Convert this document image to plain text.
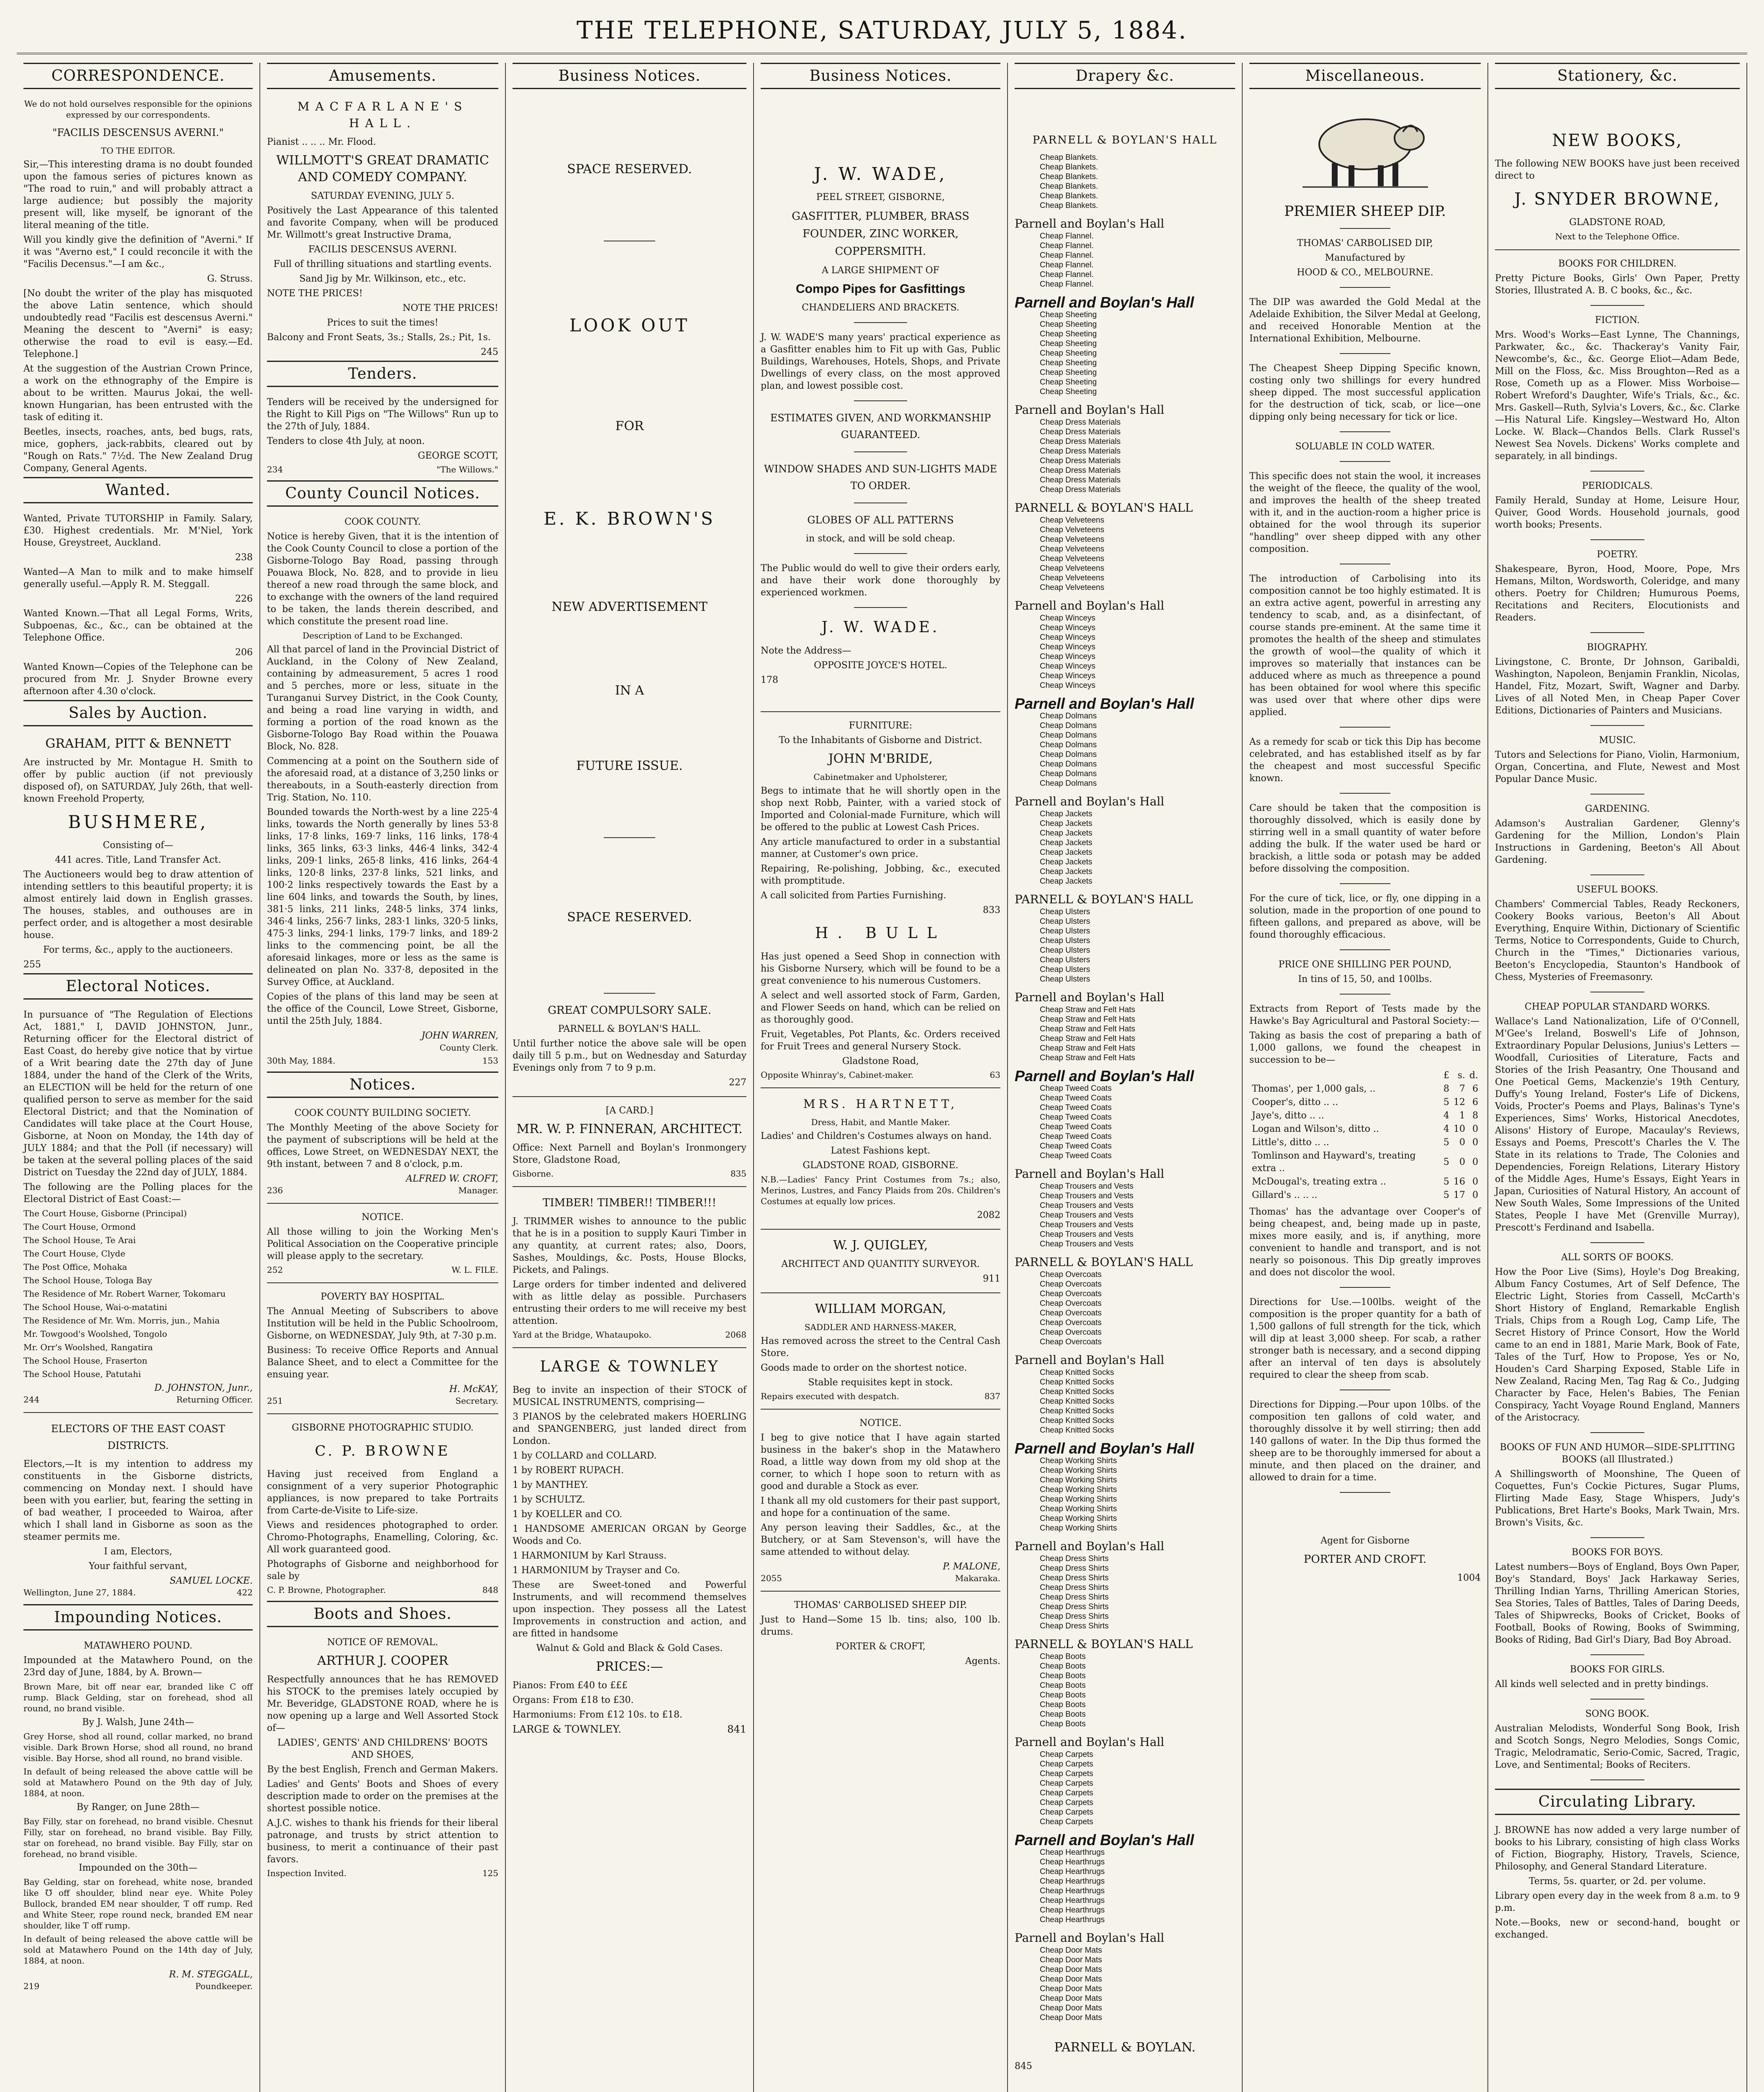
THE TELEPHONE, SATURDAY, JULY 5, 1884.
CORRESPONDENCE.
We do not hold ourselves responsible for the opinions expressed by our correspondents.
"FACILIS DESCENSUS AVERNI."
TO THE EDITOR.
Sir,—This interesting drama is no doubt founded upon the famous series of pictures known as "The road to ruin," and will probably attract a large audience; but possibly the majority present will, like myself, be ignorant of the literal meaning of the title.
Will you kindly give the definition of "Averni." If it was "Averno est," I could reconcile it with the "Facilis Decensus."—I am &c.,
G. Struss.
[No doubt the writer of the play has misquoted the above Latin sentence, which should undoubtedly read "Facilis est descensus Averni." Meaning the descent to "Averni" is easy; otherwise the road to evil is easy.—Ed. Telephone.]
At the suggestion of the Austrian Crown Prince, a work on the ethnography of the Empire is about to be written. Maurus Jokai, the well-known Hungarian, has been entrusted with the task of editing it.
Beetles, insects, roaches, ants, bed bugs, rats, mice, gophers, jack-rabbits, cleared out by "Rough on Rats." 7½d. The New Zealand Drug Company, General Agents.
Wanted.
Wanted, Private TUTORSHIP in Family. Salary, £30. Highest credentials. Mr. M'Niel, York House, Greystreet, Auckland.
238
Wanted—A Man to milk and to make himself generally useful.—Apply R. M. Steggall.
226
Wanted Known.—That all Legal Forms, Writs, Subpoenas, &c., &c., can be obtained at the Telephone Office.
206
Wanted Known—Copies of the Telephone can be procured from Mr. J. Snyder Browne every afternoon after 4.30 o'clock.
Sales by Auction.
GRAHAM, PITT & BENNETT
Are instructed by Mr. Montague H. Smith to offer by public auction (if not previously disposed of), on SATURDAY, July 26th, that well-known Freehold Property,
BUSHMERE,
Consisting of—
441 acres. Title, Land Transfer Act.
The Auctioneers would beg to draw attention of intending settlers to this beautiful property; it is almost entirely laid down in English grasses. The houses, stables, and outhouses are in perfect order, and is altogether a most desirable house.
For terms, &c., apply to the auctioneers.
255
Electoral Notices.
In pursuance of "The Regulation of Elections Act, 1881," I, DAVID JOHNSTON, Junr., Returning officer for the Electoral district of East Coast, do hereby give notice that by virtue of a Writ bearing date the 27th day of June 1884, under the hand of the Clerk of the Writs, an ELECTION will be held for the return of one qualified person to serve as member for the said Electoral District; and that the Nomination of Candidates will take place at the Court House, Gisborne, at Noon on Monday, the 14th day of JULY 1884; and that the Poll (if necessary) will be taken at the several polling places of the said District on Tuesday the 22nd day of JULY, 1884.
The following are the Polling places for the Electoral District of East Coast:—
The Court House, Gisborne (Principal)
The Court House, Ormond
The School House, Te Arai
The Court House, Clyde
The Post Office, Mohaka
The School House, Tologa Bay
The Residence of Mr. Robert Warner, Tokomaru
The School House, Wai-o-matatini
The Residence of Mr. Wm. Morris, jun., Mahia
Mr. Towgood's Woolshed, Tongolo
Mr. Orr's Woolshed, Rangatira
The School House, Fraserton
The School House, Patutahi
D. JOHNSTON, Junr.,
244	Returning Officer.
ELECTORS OF THE EAST COAST DISTRICTS.
Electors,—It is my intention to address my constituents in the Gisborne districts, commencing on Monday next. I should have been with you earlier, but, fearing the setting in of bad weather, I proceeded to Wairoa, after which I shall land in Gisborne as soon as the steamer permits me.
I am, Electors,
Your faithful servant,
SAMUEL LOCKE.
Wellington, June 27, 1884.	422
Impounding Notices.
MATAWHERO POUND.
Impounded at the Matawhero Pound, on the 23rd day of June, 1884, by A. Brown—
Brown Mare, bit off near ear, branded like C off rump. Black Gelding, star on forehead, shod all round, no brand visible.
By J. Walsh, June 24th—
Grey Horse, shod all round, collar marked, no brand visible. Dark Brown Horse, shod all round, no brand visible. Bay Horse, shod all round, no brand visible.
In default of being released the above cattle will be sold at Matawhero Pound on the 9th day of July, 1884, at noon.
By Ranger, on June 28th—
Bay Filly, star on forehead, no brand visible. Chesnut Filly, star on forehead, no brand visible. Bay Filly, star on forehead, no brand visible. Bay Filly, star on forehead, no brand visible.
Impounded on the 30th—
Bay Gelding, star on forehead, white nose, branded like ℧ off shoulder, blind near eye. White Poley Bullock, branded EM near shoulder, T off rump. Red and White Steer, rope round neck, branded EM near shoulder, like T off rump.
In default of being released the above cattle will be sold at Matawhero Pound on the 14th day of July, 1884, at noon.
R. M. STEGGALL,
219	Poundkeeper.
Amusements.
MACFARLANE'S HALL.
Pianist .. .. .. Mr. Flood.
WILLMOTT'S GREAT DRAMATIC AND COMEDY COMPANY.
SATURDAY EVENING, JULY 5.
Positively the Last Appearance of this talented and favorite Company, when will be produced Mr. Willmott's great Instructive Drama,
FACILIS DESCENSUS AVERNI.
Full of thrilling situations and startling events.
Sand Jig by Mr. Wilkinson, etc., etc.
NOTE THE PRICES!
NOTE THE PRICES!
Prices to suit the times!
Balcony and Front Seats, 3s.; Stalls, 2s.; Pit, 1s.
245
Tenders.
Tenders will be received by the undersigned for the Right to Kill Pigs on "The Willows" Run up to the 27th of July, 1884.
Tenders to close 4th July, at noon.
GEORGE SCOTT,
234	"The Willows."
County Council Notices.
COOK COUNTY.
Notice is hereby Given, that it is the intention of the Cook County Council to close a portion of the Gisborne-Tologo Bay Road, passing through Pouawa Block, No. 828, and to provide in lieu thereof a new road through the same block, and to exchange with the owners of the land required to be taken, the lands therein described, and which constitute the present road line.
Description of Land to be Exchanged.
All that parcel of land in the Provincial District of Auckland, in the Colony of New Zealand, containing by admeasurement, 5 acres 1 rood and 5 perches, more or less, situate in the Turanganui Survey District, in the Cook County, and being a road line varying in width, and forming a portion of the road known as the Gisborne-Tologo Bay Road within the Pouawa Block, No. 828.
Commencing at a point on the Southern side of the aforesaid road, at a distance of 3,250 links or thereabouts, in a South-easterly direction from Trig. Station, No. 110.
Bounded towards the North-west by a line 225·4 links, towards the North generally by lines 53·8 links, 17·8 links, 169·7 links, 116 links, 178·4 links, 365 links, 63·3 links, 446·4 links, 342·4 links, 209·1 links, 265·8 links, 416 links, 264·4 links, 120·8 links, 237·8 links, 521 links, and 100·2 links respectively towards the East by a line 604 links, and towards the South, by lines, 381·5 links, 211 links, 248·5 links, 374 links, 346·4 links, 256·7 links, 283·1 links, 320·5 links, 475·3 links, 294·1 links, 179·7 links, and 189·2 links to the commencing point, be all the aforesaid linkages, more or less as the same is delineated on plan No. 337·8, deposited in the Survey Office, at Auckland.
Copies of the plans of this land may be seen at the office of the Council, Lowe Street, Gisborne, until the 25th July, 1884.
JOHN WARREN,
County Clerk.
30th May, 1884.	153
Notices.
COOK COUNTY BUILDING SOCIETY.
The Monthly Meeting of the above Society for the payment of subscriptions will be held at the offices, Lowe Street, on WEDNESDAY NEXT, the 9th instant, between 7 and 8 o'clock, p.m.
ALFRED W. CROFT,
236	Manager.
NOTICE.
All those willing to join the Working Men's Political Association on the Cooperative principle will please apply to the secretary.
252	W. L. FILE.
POVERTY BAY HOSPITAL.
The Annual Meeting of Subscribers to above Institution will be held in the Public Schoolroom, Gisborne, on WEDNESDAY, July 9th, at 7-30 p.m.
Business: To receive Office Reports and Annual Balance Sheet, and to elect a Committee for the ensuing year.
H. McKAY,
251	Secretary.
GISBORNE PHOTOGRAPHIC STUDIO.
C. P. BROWNE
Having just received from England a consignment of a very superior Photographic appliances, is now prepared to take Portraits from Carte-de-Visite to Life-size.
Views and residences photographed to order. Chromo-Photographs, Enamelling, Coloring, &c. All work guaranteed good.
Photographs of Gisborne and neighborhood for sale by
C. P. Browne, Photographer.	848
Boots and Shoes.
NOTICE OF REMOVAL.
ARTHUR J. COOPER
Respectfully announces that he has REMOVED his STOCK to the premises lately occupied by Mr. Beveridge, GLADSTONE ROAD, where he is now opening up a large and Well Assorted Stock of—
LADIES', GENTS' AND CHILDRENS' BOOTS AND SHOES,
By the best English, French and German Makers.
Ladies' and Gents' Boots and Shoes of every description made to order on the premises at the shortest possible notice.
A.J.C. wishes to thank his friends for their liberal patronage, and trusts by strict attention to business, to merit a continuance of their past favors.
Inspection Invited.	125
Business Notices.
SPACE RESERVED.
LOOK OUT
FOR
E. K. BROWN'S
NEW ADVERTISEMENT
IN A
FUTURE ISSUE.
SPACE RESERVED.
GREAT COMPULSORY SALE.
PARNELL & BOYLAN'S HALL.
Until further notice the above sale will be open daily till 5 p.m., but on Wednesday and Saturday Evenings only from 7 to 9 p.m.
227
[A CARD.]
MR. W. P. FINNERAN, ARCHITECT.
Office: Next Parnell and Boylan's Ironmongery Store, Gladstone Road,
Gisborne.	835
TIMBER! TIMBER!! TIMBER!!!
J. TRIMMER wishes to announce to the public that he is in a position to supply Kauri Timber in any quantity, at current rates; also, Doors, Sashes, Mouldings, &c. Posts, House Blocks, Pickets, and Palings.
Large orders for timber indented and delivered with as little delay as possible. Purchasers entrusting their orders to me will receive my best attention.
Yard at the Bridge, Whataupoko.	2068
LARGE & TOWNLEY
Beg to invite an inspection of their STOCK of MUSICAL INSTRUMENTS, comprising—
3 PIANOS by the celebrated makers HOERLING and SPANGENBERG, just landed direct from London.
1 by COLLARD and COLLARD.
1 by ROBERT RUPACH.
1 by MANTHEY.
1 by SCHULTZ.
1 by KOELLER and CO.
1 HANDSOME AMERICAN ORGAN by George Woods and Co.
1 HARMONIUM by Karl Strauss.
1 HARMONIUM by Trayser and Co.
These are Sweet-toned and Powerful Instruments, and will recommend themselves upon inspection. They possess all the Latest Improvements in construction and action, and are fitted in handsome
Walnut & Gold and Black & Gold Cases.
PRICES:—
Pianos: From £40 to £££
Organs: From £18 to £30.
Harmoniums: From £12 10s. to £18.
LARGE & TOWNLEY.	841
Business Notices.
J. W. WADE,
PEEL STREET, GISBORNE,
GASFITTER, PLUMBER, BRASS FOUNDER, ZINC WORKER, COPPERSMITH.
A LARGE SHIPMENT OF
Compo Pipes for Gasfittings
CHANDELIERS AND BRACKETS.
J. W. WADE'S many years' practical experience as a Gasfitter enables him to Fit up with Gas, Public Buildings, Warehouses, Hotels, Shops, and Private Dwellings of every class, on the most approved plan, and lowest possible cost.
ESTIMATES GIVEN, AND WORKMANSHIP GUARANTEED.
WINDOW SHADES AND SUN-LIGHTS MADE TO ORDER.
GLOBES OF ALL PATTERNS
in stock, and will be sold cheap.
The Public would do well to give their orders early, and have their work done thoroughly by experienced workmen.
J. W. WADE.
Note the Address—
OPPOSITE JOYCE'S HOTEL.
178
FURNITURE:
To the Inhabitants of Gisborne and District.
JOHN M'BRIDE,
Cabinetmaker and Upholsterer,
Begs to intimate that he will shortly open in the shop next Robb, Painter, with a varied stock of Imported and Colonial-made Furniture, which will be offered to the public at Lowest Cash Prices.
Any article manufactured to order in a substantial manner, at Customer's own price.
Repairing, Re-polishing, Jobbing, &c., executed with promptitude.
A call solicited from Parties Furnishing.
833
H. BULL
Has just opened a Seed Shop in connection with his Gisborne Nursery, which will be found to be a great convenience to his numerous Customers.
A select and well assorted stock of Farm, Garden, and Flower Seeds on hand, which can be relied on as thoroughly good.
Fruit, Vegetables, Pot Plants, &c. Orders received for Fruit Trees and general Nursery Stock.
Gladstone Road,
Opposite Whinray's, Cabinet-maker.	63
MRS. HARTNETT,
Dress, Habit, and Mantle Maker.
Ladies' and Children's Costumes always on hand.
Latest Fashions kept.
GLADSTONE ROAD, GISBORNE.
N.B.—Ladies' Fancy Print Costumes from 7s.; also, Merinos, Lustres, and Fancy Plaids from 20s. Children's Costumes at equally low prices.
2082
W. J. QUIGLEY,
ARCHITECT AND QUANTITY SURVEYOR.
911
WILLIAM MORGAN,
SADDLER AND HARNESS-MAKER,
Has removed across the street to the Central Cash Store.
Goods made to order on the shortest notice.
Stable requisites kept in stock.
Repairs executed with despatch.	837
NOTICE.
I beg to give notice that I have again started business in the baker's shop in the Matawhero Road, a little way down from my old shop at the corner, to which I hope soon to return with as good and durable a Stock as ever.
I thank all my old customers for their past support, and hope for a continuation of the same.
Any person leaving their Saddles, &c., at the Butchery, or at Sam Stevenson's, will have the same attended to without delay.
P. MALONE,
2055	Makaraka.
THOMAS' CARBOLISED SHEEP DIP.
Just to Hand—Some 15 lb. tins; also, 100 lb. drums.
PORTER & CROFT,
Agents.
Drapery &c.
PARNELL & BOYLAN'S HALL
Cheap Blankets.
Cheap Blankets.
Cheap Blankets.
Cheap Blankets.
Cheap Blankets.
Cheap Blankets.
Parnell and Boylan's Hall
Cheap Flannel.
Cheap Flannel.
Cheap Flannel.
Cheap Flannel.
Cheap Flannel.
Cheap Flannel.
Parnell and Boylan's Hall
Cheap Sheeting
Cheap Sheeting
Cheap Sheeting
Cheap Sheeting
Cheap Sheeting
Cheap Sheeting
Cheap Sheeting
Cheap Sheeting
Cheap Sheeting
Parnell and Boylan's Hall
Cheap Dress Materials
Cheap Dress Materials
Cheap Dress Materials
Cheap Dress Materials
Cheap Dress Materials
Cheap Dress Materials
Cheap Dress Materials
Cheap Dress Materials
PARNELL & BOYLAN'S HALL
Cheap Velveteens
Cheap Velveteens
Cheap Velveteens
Cheap Velveteens
Cheap Velveteens
Cheap Velveteens
Cheap Velveteens
Cheap Velveteens
Parnell and Boylan's Hall
Cheap Winceys
Cheap Winceys
Cheap Winceys
Cheap Winceys
Cheap Winceys
Cheap Winceys
Cheap Winceys
Cheap Winceys
Parnell and Boylan's Hall
Cheap Dolmans
Cheap Dolmans
Cheap Dolmans
Cheap Dolmans
Cheap Dolmans
Cheap Dolmans
Cheap Dolmans
Cheap Dolmans
Parnell and Boylan's Hall
Cheap Jackets
Cheap Jackets
Cheap Jackets
Cheap Jackets
Cheap Jackets
Cheap Jackets
Cheap Jackets
Cheap Jackets
PARNELL & BOYLAN'S HALL
Cheap Ulsters
Cheap Ulsters
Cheap Ulsters
Cheap Ulsters
Cheap Ulsters
Cheap Ulsters
Cheap Ulsters
Cheap Ulsters
Parnell and Boylan's Hall
Cheap Straw and Felt Hats
Cheap Straw and Felt Hats
Cheap Straw and Felt Hats
Cheap Straw and Felt Hats
Cheap Straw and Felt Hats
Cheap Straw and Felt Hats
Parnell and Boylan's Hall
Cheap Tweed Coats
Cheap Tweed Coats
Cheap Tweed Coats
Cheap Tweed Coats
Cheap Tweed Coats
Cheap Tweed Coats
Cheap Tweed Coats
Cheap Tweed Coats
Parnell and Boylan's Hall
Cheap Trousers and Vests
Cheap Trousers and Vests
Cheap Trousers and Vests
Cheap Trousers and Vests
Cheap Trousers and Vests
Cheap Trousers and Vests
Cheap Trousers and Vests
PARNELL & BOYLAN'S HALL
Cheap Overcoats
Cheap Overcoats
Cheap Overcoats
Cheap Overcoats
Cheap Overcoats
Cheap Overcoats
Cheap Overcoats
Cheap Overcoats
Parnell and Boylan's Hall
Cheap Knitted Socks
Cheap Knitted Socks
Cheap Knitted Socks
Cheap Knitted Socks
Cheap Knitted Socks
Cheap Knitted Socks
Cheap Knitted Socks
Parnell and Boylan's Hall
Cheap Working Shirts
Cheap Working Shirts
Cheap Working Shirts
Cheap Working Shirts
Cheap Working Shirts
Cheap Working Shirts
Cheap Working Shirts
Cheap Working Shirts
Parnell and Boylan's Hall
Cheap Dress Shirts
Cheap Dress Shirts
Cheap Dress Shirts
Cheap Dress Shirts
Cheap Dress Shirts
Cheap Dress Shirts
Cheap Dress Shirts
Cheap Dress Shirts
PARNELL & BOYLAN'S HALL
Cheap Boots
Cheap Boots
Cheap Boots
Cheap Boots
Cheap Boots
Cheap Boots
Cheap Boots
Cheap Boots
Parnell and Boylan's Hall
Cheap Carpets
Cheap Carpets
Cheap Carpets
Cheap Carpets
Cheap Carpets
Cheap Carpets
Cheap Carpets
Cheap Carpets
Parnell and Boylan's Hall
Cheap Hearthrugs
Cheap Hearthrugs
Cheap Hearthrugs
Cheap Hearthrugs
Cheap Hearthrugs
Cheap Hearthrugs
Cheap Hearthrugs
Cheap Hearthrugs
Parnell and Boylan's Hall
Cheap Door Mats
Cheap Door Mats
Cheap Door Mats
Cheap Door Mats
Cheap Door Mats
Cheap Door Mats
Cheap Door Mats
Cheap Door Mats
PARNELL & BOYLAN.
845
Miscellaneous.
PREMIER SHEEP DIP.
THOMAS' CARBOLISED DIP,
Manufactured by
HOOD & CO., MELBOURNE.
The DIP was awarded the Gold Medal at the Adelaide Exhibition, the Silver Medal at Geelong, and received Honorable Mention at the International Exhibition, Melbourne.
The Cheapest Sheep Dipping Specific known, costing only two shillings for every hundred sheep dipped. The most successful application for the destruction of tick, scab, or lice—one dipping only being necessary for tick or lice.
SOLUABLE IN COLD WATER.
This specific does not stain the wool, it increases the weight of the fleece, the quality of the wool, and improves the health of the sheep treated with it, and in the auction-room a higher price is obtained for the wool through its superior "handling" over sheep dipped with any other composition.
The introduction of Carbolising into its composition cannot be too highly estimated. It is an extra active agent, powerful in arresting any tendency to scab, and, as a disinfectant, of course stands pre-eminent. At the same time it promotes the health of the sheep and stimulates the growth of wool—the quality of which it improves so materially that instances can be adduced where as much as threepence a pound has been obtained for wool where this specific was used over that where other dips were applied.
As a remedy for scab or tick this Dip has become celebrated, and has established itself as by far the cheapest and most successful Specific known.
Care should be taken that the composition is thoroughly dissolved, which is easily done by stirring well in a small quantity of water before adding the bulk. If the water used be hard or brackish, a little soda or potash may be added before dissolving the composition.
For the cure of tick, lice, or fly, one dipping in a solution, made in the proportion of one pound to fifteen gallons, and prepared as above, will be found thoroughly efficacious.
PRICE ONE SHILLING PER POUND,
In tins of 15, 50, and 100lbs.
Extracts from Report of Tests made by the Hawke's Bay Agricultural and Pastoral Society:—
Taking as basis the cost of preparing a bath of 1,000 gallons, we found the cheapest in succession to be—
	£	s.	d.
Thomas', per 1,000 gals, ..	8	7	6
Cooper's, ditto .. ..	5	12	6
Jaye's, ditto .. ..	4	1	8
Logan and Wilson's, ditto ..	4	10	0
Little's, ditto .. ..	5	0	0
Tomlinson and Hayward's, treating extra ..	5	0	0
McDougal's, treating extra ..	5	16	0
Gillard's .. .. ..	5	17	0
Thomas' has the advantage over Cooper's of being cheapest, and, being made up in paste, mixes more easily, and is, if anything, more convenient to handle and transport, and is not nearly so poisonous. This Dip greatly improves and does not discolor the wool.
Directions for Use.—100lbs. weight of the composition is the proper quantity for a bath of 1,500 gallons of full strength for the tick, which will dip at least 3,000 sheep. For scab, a rather stronger bath is necessary, and a second dipping after an interval of ten days is absolutely required to clear the sheep from scab.
Directions for Dipping.—Pour upon 10lbs. of the composition ten gallons of cold water, and thoroughly dissolve it by well stirring; then add 140 gallons of water. In the Dip thus formed the sheep are to be thoroughly immersed for about a minute, and then placed on the drainer, and allowed to drain for a time.
Agent for Gisborne
PORTER AND CROFT.
1004
Stationery, &c.
NEW BOOKS,
The following NEW BOOKS have just been received direct to
J. SNYDER BROWNE,
GLADSTONE ROAD,
Next to the Telephone Office.
BOOKS FOR CHILDREN.
Pretty Picture Books, Girls' Own Paper, Pretty Stories, Illustrated A. B. C books, &c., &c.
FICTION.
Mrs. Wood's Works—East Lynne, The Channings, Parkwater, &c., &c. Thackeray's Vanity Fair, Newcombe's, &c., &c. George Eliot—Adam Bede, Mill on the Floss, &c. Miss Broughton—Red as a Rose, Cometh up as a Flower. Miss Worboise—Robert Wreford's Daughter, Wife's Trials, &c., &c. Mrs. Gaskell—Ruth, Sylvia's Lovers, &c., &c. Clarke—His Natural Life. Kingsley—Westward Ho, Alton Locke. W. Black—Chandos Bells. Clark Russel's Newest Sea Novels. Dickens' Works complete and separately, in all bindings.
PERIODICALS.
Family Herald, Sunday at Home, Leisure Hour, Quiver, Good Words. Household journals, good worth books; Presents.
POETRY.
Shakespeare, Byron, Hood, Moore, Pope, Mrs Hemans, Milton, Wordsworth, Coleridge, and many others. Poetry for Children; Humurous Poems, Recitations and Reciters, Elocutionists and Readers.
BIOGRAPHY.
Livingstone, C. Bronte, Dr Johnson, Garibaldi, Washington, Napoleon, Benjamin Franklin, Nicolas, Handel, Fitz, Mozart, Swift, Wagner and Darby. Lives of all Noted Men, in Cheap Paper Cover Editions, Dictionaries of Painters and Musicians.
MUSIC.
Tutors and Selections for Piano, Violin, Harmonium, Organ, Concertina, and Flute, Newest and Most Popular Dance Music.
GARDENING.
Adamson's Australian Gardener, Glenny's Gardening for the Million, London's Plain Instructions in Gardening, Beeton's All About Gardening.
USEFUL BOOKS.
Chambers' Commercial Tables, Ready Reckoners, Cookery Books various, Beeton's All About Everything, Enquire Within, Dictionary of Scientific Terms, Notice to Correspondents, Guide to Church, Church in the "Times," Dictionaries various, Beeton's Encyclopedia, Staunton's Handbook of Chess, Mysteries of Freemasonry.
CHEAP POPULAR STANDARD WORKS.
Wallace's Land Nationalization, Life of O'Connell, M'Gee's Ireland, Boswell's Life of Johnson, Extraordinary Popular Delusions, Junius's Letters — Woodfall, Curiosities of Literature, Facts and Stories of the Irish Peasantry, One Thousand and One Poetical Gems, Mackenzie's 19th Century, Duffy's Young Ireland, Foster's Life of Dickens, Voids, Procter's Poems and Plays, Balinas's Tyne's Experiences, Sims' Works, Historical Anecdotes, Alisons' History of Europe, Macaulay's Reviews, Essays and Poems, Prescott's Charles the V. The State in its relations to Trade, The Colonies and Dependencies, Foreign Relations, Literary History of the Middle Ages, Hume's Essays, Eight Years in Japan, Curiosities of Natural History, An account of New South Wales, Some Impressions of the United States, People I have Met (Grenville Murray), Prescott's Ferdinand and Isabella.
ALL SORTS OF BOOKS.
How the Poor Live (Sims), Hoyle's Dog Breaking, Album Fancy Costumes, Art of Self Defence, The Electric Light, Stories from Cassell, McCarth's Short History of England, Remarkable English Trials, Chips from a Rough Log, Camp Life, The Secret History of Prince Consort, How the World came to an end in 1881, Marie Mark, Book of Fate, Tales of the Turf, How to Propose, Yes or No, Houden's Card Sharping Exposed, Stable Life in New Zealand, Racing Men, Tag Rag & Co., Judging Character by Face, Helen's Babies, The Fenian Conspiracy, Yacht Voyage Round England, Manners of the Aristocracy.
BOOKS OF FUN AND HUMOR—SIDE-SPLITTING BOOKS (all Illustrated.)
A Shillingsworth of Moonshine, The Queen of Coquettes, Fun's Cockie Pictures, Sugar Plums, Flirting Made Easy, Stage Whispers, Judy's Publications, Bret Harte's Books, Mark Twain, Mrs. Brown's Visits, &c.
BOOKS FOR BOYS.
Latest numbers—Boys of England, Boys Own Paper, Boy's Standard, Boys' Jack Harkaway Series, Thrilling Indian Yarns, Thrilling American Stories, Sea Stories, Tales of Battles, Tales of Daring Deeds, Tales of Shipwrecks, Books of Cricket, Books of Football, Books of Rowing, Books of Swimming, Books of Riding, Bad Girl's Diary, Bad Boy Abroad.
BOOKS FOR GIRLS.
All kinds well selected and in pretty bindings.
SONG BOOK.
Australian Melodists, Wonderful Song Book, Irish and Scotch Songs, Negro Melodies, Songs Comic, Tragic, Melodramatic, Serio-Comic, Sacred, Tragic, Love, and Sentimental; Books of Reciters.
Circulating Library.
J. BROWNE has now added a very large number of books to his Library, consisting of high class Works of Fiction, Biography, History, Travels, Science, Philosophy, and General Standard Literature.
Terms, 5s. quarter, or 2d. per volume.
Library open every day in the week from 8 a.m. to 9 p.m.
Note.—Books, new or second-hand, bought or exchanged.
